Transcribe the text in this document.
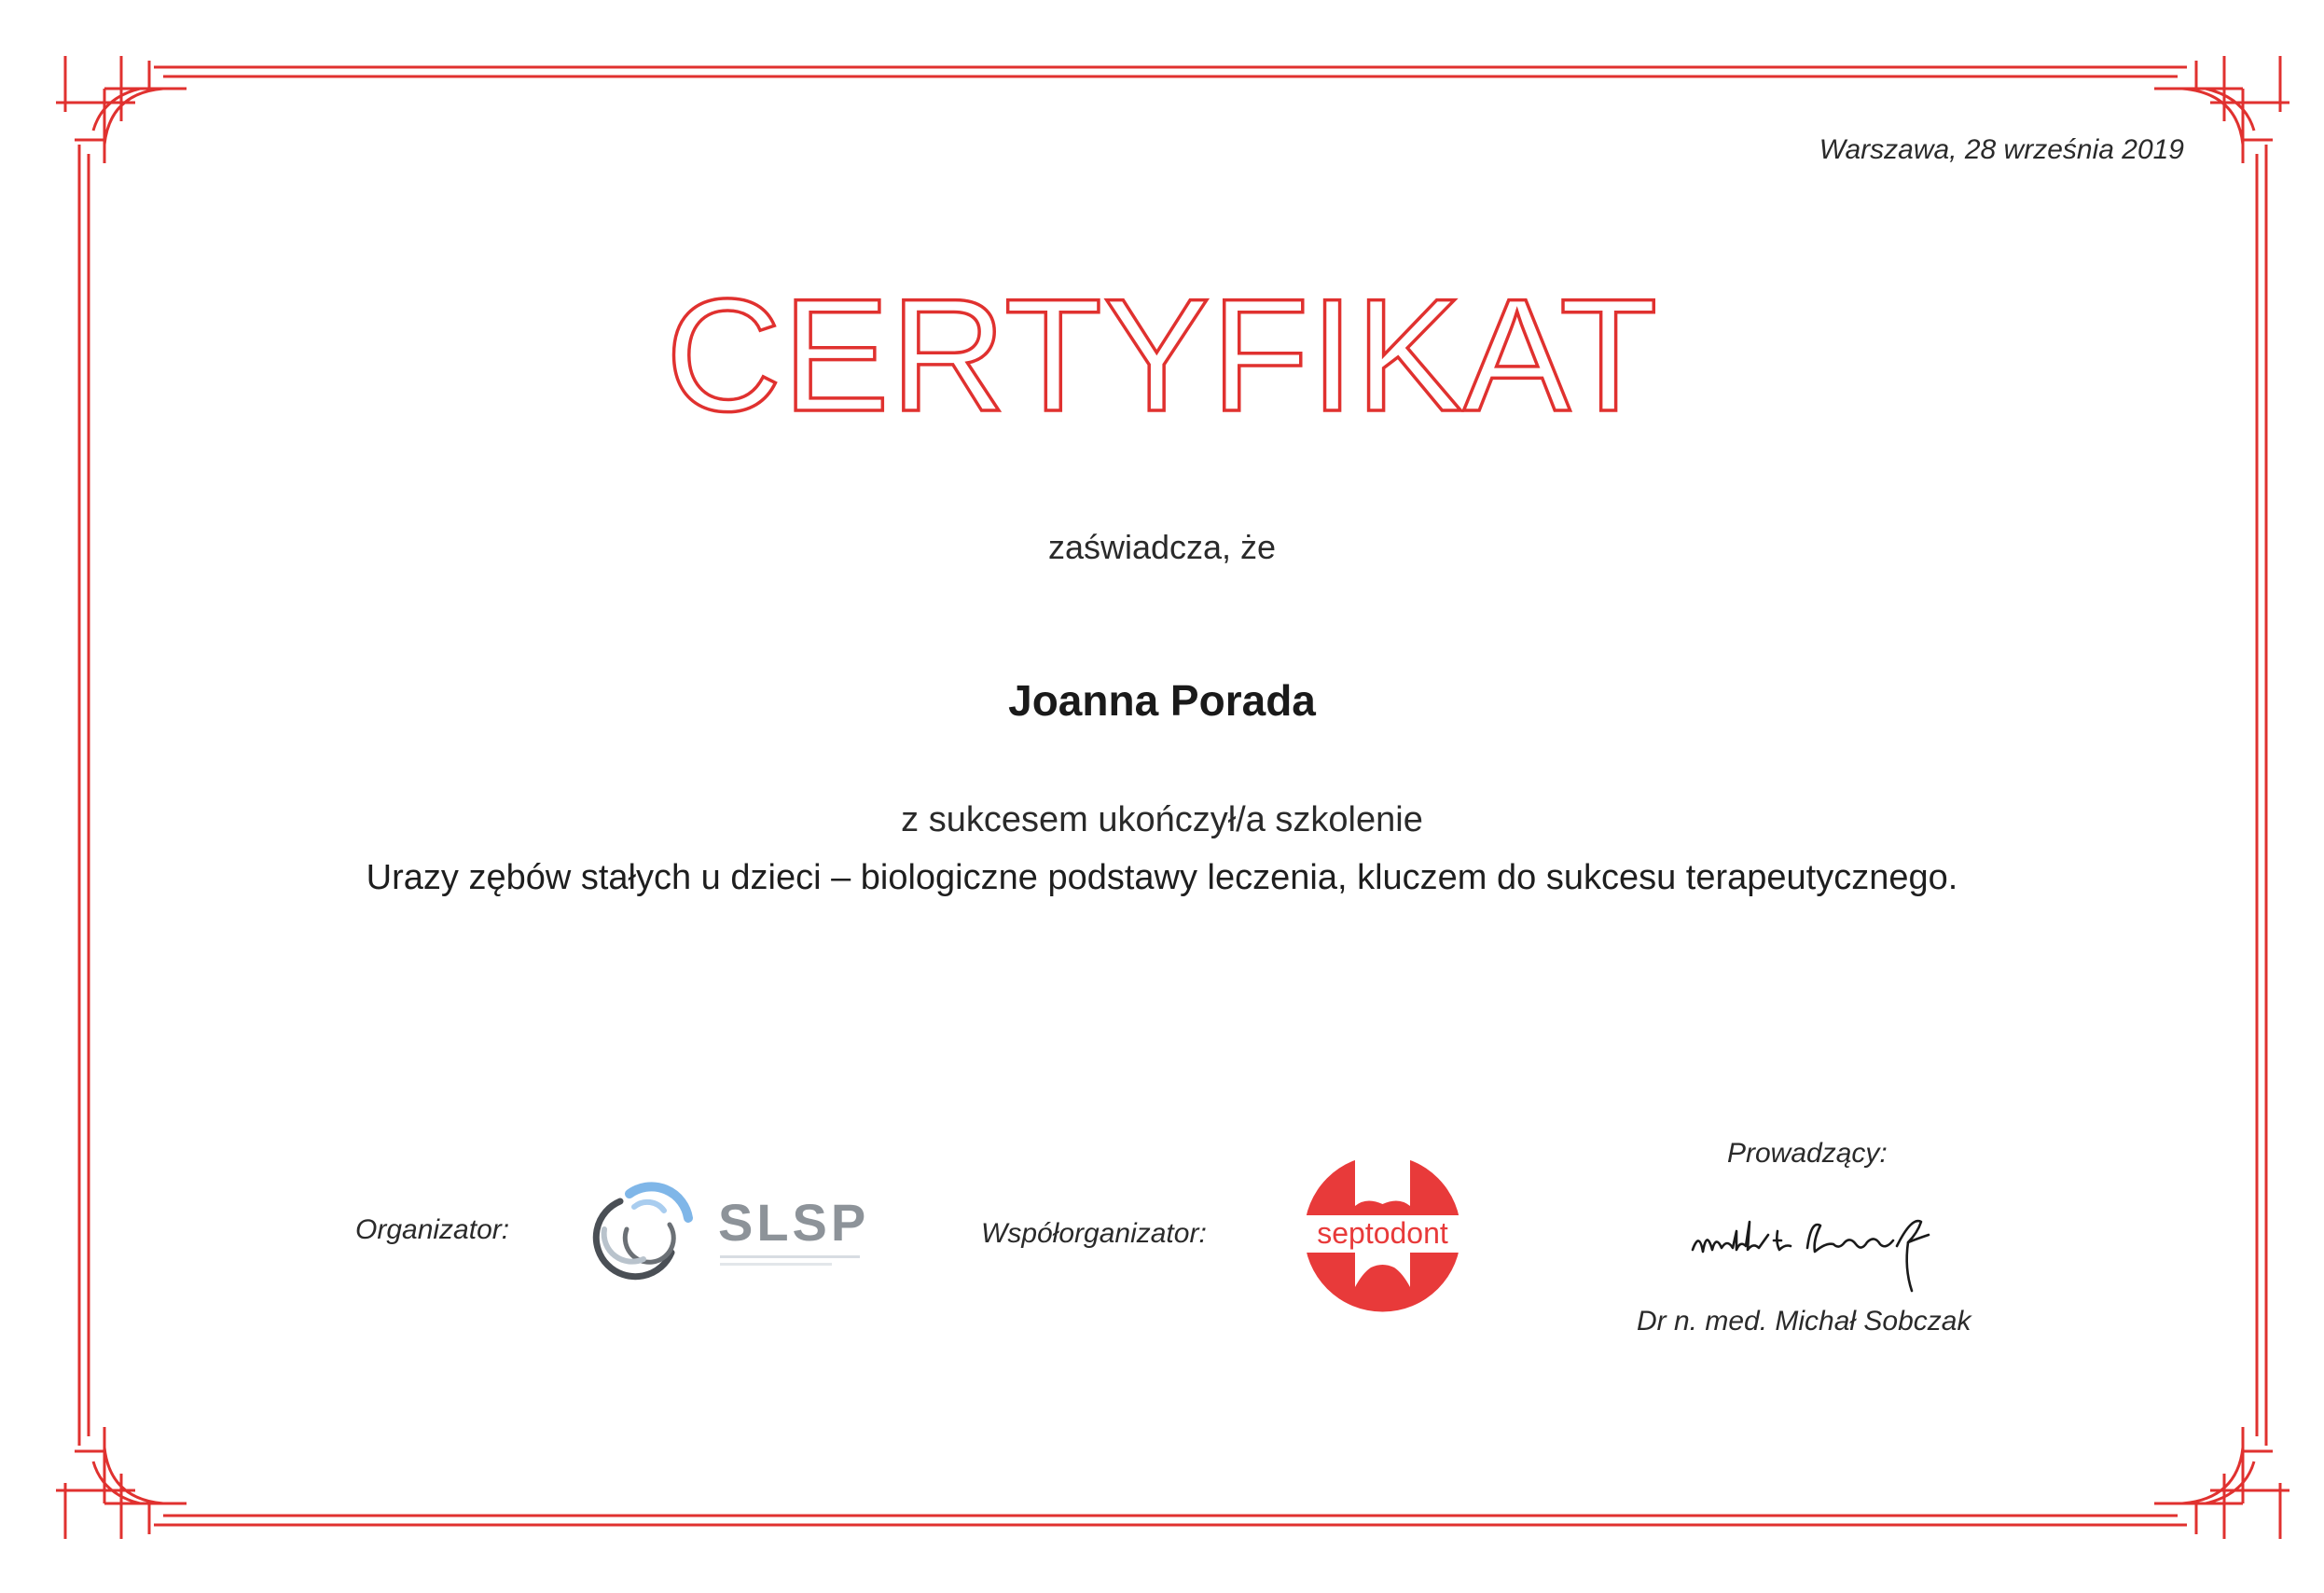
Warszawa, 28 września 2019
CERTYFIKAT
zaświadcza, że
Joanna Porada
z sukcesem ukończył/a szkolenie
Urazy zębów stałych u dzieci – biologiczne podstawy leczenia, kluczem do sukcesu terapeutycznego.
Organizator:	SLSP	Współorganizator:	septodont
Prowadzący:
Dr n. med. Michał Sobczak
